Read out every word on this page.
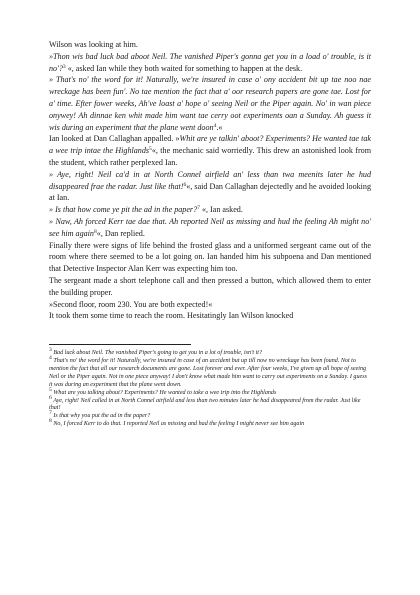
Wilson was looking at him.

»Thon wis bad luck bad aboot Neil. The vanished Piper's gonna get you in a load o' trouble, is it no'?$^3$ «, asked Ian while they both waited for something to happen at the desk.

» That's no' the word for it! Naturally, we're insured in case o' ony accident bit up tae noo nae wreckage has been fun'. No tae mention the fact that a' oor research papers are gone tae. Lost for a' time. Efter fower weeks, Ah've loast a' hope o' seeing Neil or the Piper again. No' in wan piece onywey! Ah dinnae ken whit made him want tae cerry oot experiments oan a Sunday. Ah guess it wis during an experiment that the plane went doon$^4$.«

Ian looked at Dan Callaghan appalled. »Whit are ye talkin' aboot? Experiments? He wanted tae tak a wee trip intae the Highlands$^5$«, the mechanic said worriedly. This drew an astonished look from the student, which rather perplexed Ian.

» Aye, right! Neil ca'd in at North Connel airfield an' less than twa meenits later he hud disappeared frae the radar. Just like that!$^6$«, said Dan Callaghan dejectedly and he avoided looking at Ian.

» Is that how come ye pit the ad in the paper?$^7$ «, Ian asked.

» Naw, Ah forced Kerr tae dae that. Ah reported Neil as missing and hud the feeling Ah might no' see him again$^8$«, Dan replied.

Finally there were signs of life behind the frosted glass and a uniformed sergeant came out of the room where there seemed to be a lot going on. Ian handed him his subpoena and Dan mentioned that Detective Inspector Alan Kerr was expecting him too.

The sergeant made a short telephone call and then pressed a button, which allowed them to enter the building proper.

»Second floor, room 230. You are both expected!«

It took them some time to reach the room. Hesitatingly Ian Wilson knocked

$^3$ Bad luck about Neil. The vanished Piper's going to get you in a lot of trouble, isn't it?

$^4$ That's no' the word for it! Naturally, we're insured in case of an accident but up till now no wreckage has been found. Not to mention the fact that all our research documents are gone. Lost forever and ever. After four weeks, I've given up all hope of seeing Neil or the Piper again. Not in one piece anyway! I don't know what made him want to carry out experiments on a Sunday. I guess it was during an experiment that the plane went down.

$^5$ What are you talking about? Experiments? He wanted to take a wee trip into the Highlands

$^6$ Aye, right! Neil called in at North Connel airfield and less than two minutes later he had disappeared from the radar. Just like that!

$^7$ Is that why you put the ad in the paper?

$^8$ No, I forced Kerr to do that. I reported Neil as missing and had the feeling I might never see him again
